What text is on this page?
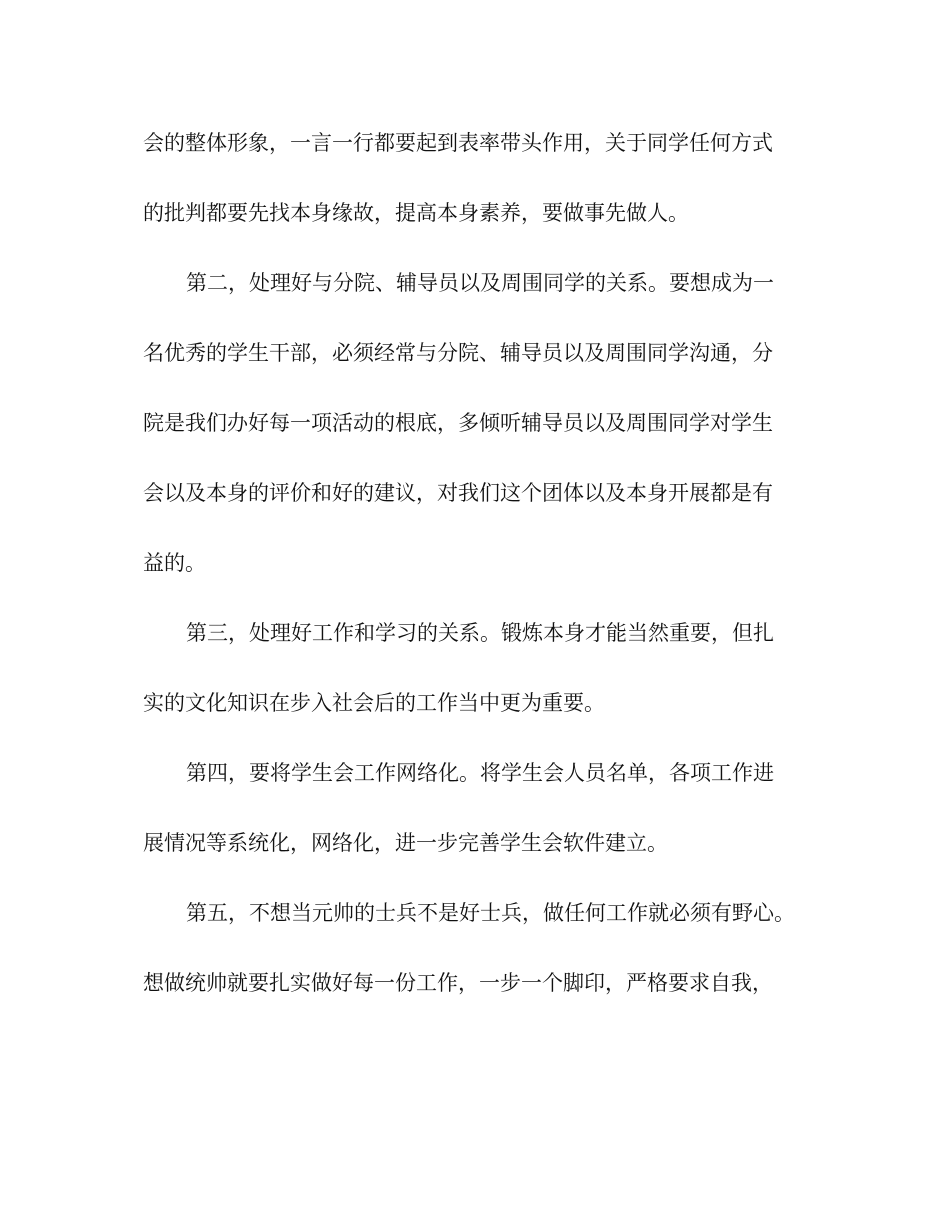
会的整体形象，一言一行都要起到表率带头作用，关于同学任何方式
的批判都要先找本身缘故，提高本身素养，要做事先做人。
第二，处理好与分院、辅导员以及周围同学的关系。要想成为一
名优秀的学生干部，必须经常与分院、辅导员以及周围同学沟通，分
院是我们办好每一项活动的根底，多倾听辅导员以及周围同学对学生
会以及本身的评价和好的建议，对我们这个团体以及本身开展都是有
益的。
第三，处理好工作和学习的关系。锻炼本身才能当然重要，但扎
实的文化知识在步入社会后的工作当中更为重要。
第四，要将学生会工作网络化。将学生会人员名单，各项工作进
展情况等系统化，网络化，进一步完善学生会软件建立。
第五，不想当元帅的士兵不是好士兵，做任何工作就必须有野心。
想做统帅就要扎实做好每一份工作，一步一个脚印，严格要求自我，
